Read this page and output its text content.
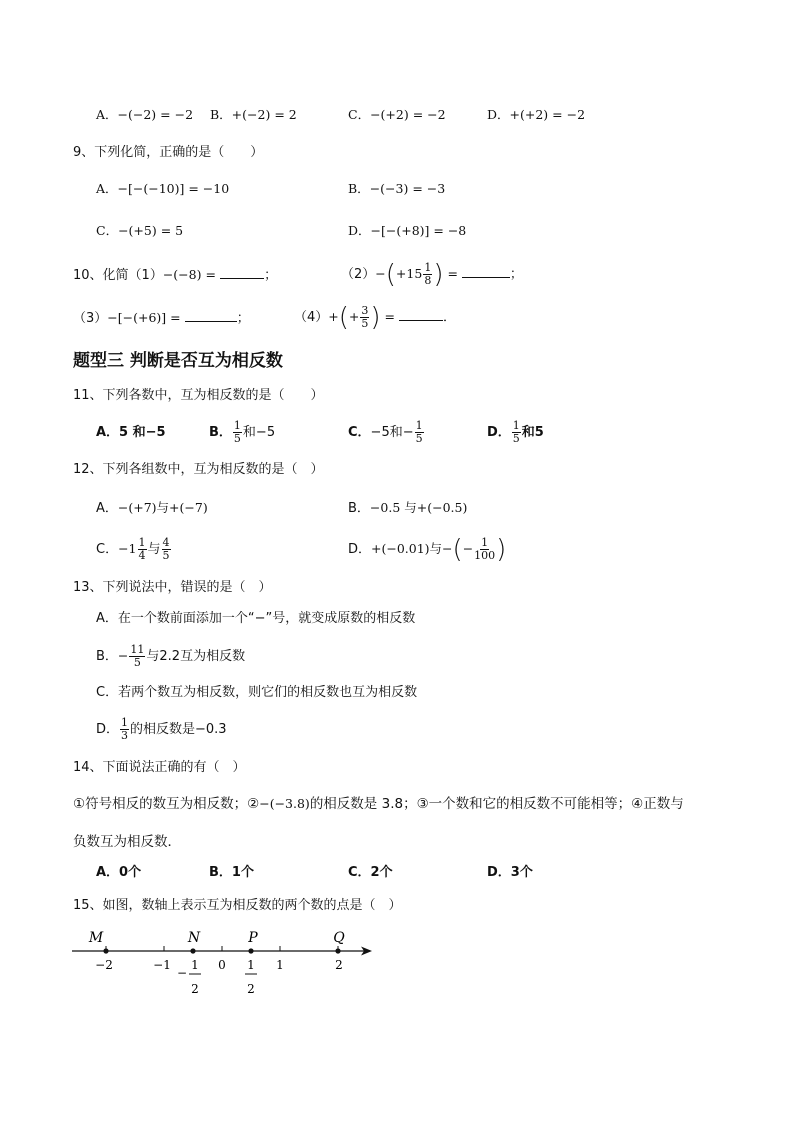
A．−(−2) = −2 B．+(−2) = 2	C．−(+2) = −2	D．+(+2) = −2
9、下列化简，正确的是（　　）
A．−[−(−10)] = −10	B．−(−3) = −3
C．−(+5) = 5	D．−[−(+8)] = −8
10、化简（1）−(−8) =	；	$(2)-(+15 \frac{1}{8}$ ) =	；
（3）−[−(+6)] =	；	$(4)+(+ \frac{3}{5}$ ) =	．
题型三 判断是否互为相反数
11、下列各数中，互为相反数的是（　　）
A．5 和−5	B． $\frac{1}{5}$ 和−5	C．−5和− $\frac{1}{5}$	D． $\frac{1}{5}$ 和5
12、下列各组数中，互为相反数的是（　）
A．−(+7)与+(−7)	B．−0.5 与+(−0.5)
C．$-1 \frac{1}{4}$ 与 $\frac{4}{5}$	D．+(−0.01)与−(− $\frac{1}{100}$ )
13、下列说法中，错误的是（　）
A．在一个数前面添加一个“−”号，就变成原数的相反数
B．− $\frac{11}{5}$ 与2.2互为相反数
C．若两个数互为相反数，则它们的相反数也互为相反数
D． $\frac{1}{3}$ 的相反数是−0.3
14、下面说法正确的有（　）
①符号相反的数互为相反数；②−(−3.8)的相反数是 3.8；③一个数和它的相反数不可能相等；④正数与
负数互为相反数．
A．0个	B．1个	C．2个	D．3个
15、如图，数轴上表示互为相反数的两个数的点是（　）
M	N	P	Q
−2	−1	0	1	2
−
1
2
1
2
